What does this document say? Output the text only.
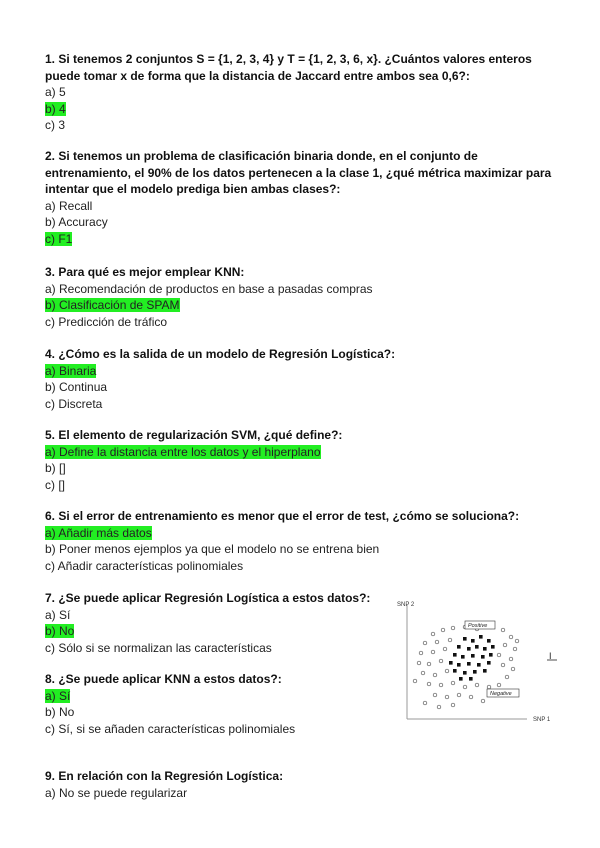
1. Si tenemos 2 conjuntos S = {1, 2, 3, 4} y T = {1, 2, 3, 6, x}. ¿Cuántos valores enteros puede tomar x de forma que la distancia de Jaccard entre ambos sea 0,6?:
a) 5
b) 4
c) 3
2. Si tenemos un problema de clasificación binaria donde, en el conjunto de entrenamiento, el 90% de los datos pertenecen a la clase 1, ¿qué métrica maximizar para intentar que el modelo prediga bien ambas clases?:
a) Recall
b) Accuracy
c) F1
3. Para qué es mejor emplear KNN:
a) Recomendación de productos en base a pasadas compras
b) Clasificación de SPAM
c) Predicción de tráfico
4. ¿Cómo es la salida de un modelo de Regresión Logística?:
a) Binaria
b) Continua
c) Discreta
5. El elemento de regularización SVM, ¿qué define?:
a) Define la distancia entre los datos y el hiperplano
b) []
c) []
6. Si el error de entrenamiento es menor que el error de test, ¿cómo se soluciona?:
a) Añadir más datos
b) Poner menos ejemplos ya que el modelo no se entrena bien
c) Añadir características polinomiales
7. ¿Se puede aplicar Regresión Logística a estos datos?:
a) Sí
b) No
c) Sólo si se normalizan las características
8. ¿Se puede aplicar KNN a estos datos?:
a) Sí
b) No
c) Sí, si se añaden características polinomiales
9. En relación con la Regresión Logística:
a) No se puede regularizar
SNP 2
SNP 1
I
Positive
Negative
